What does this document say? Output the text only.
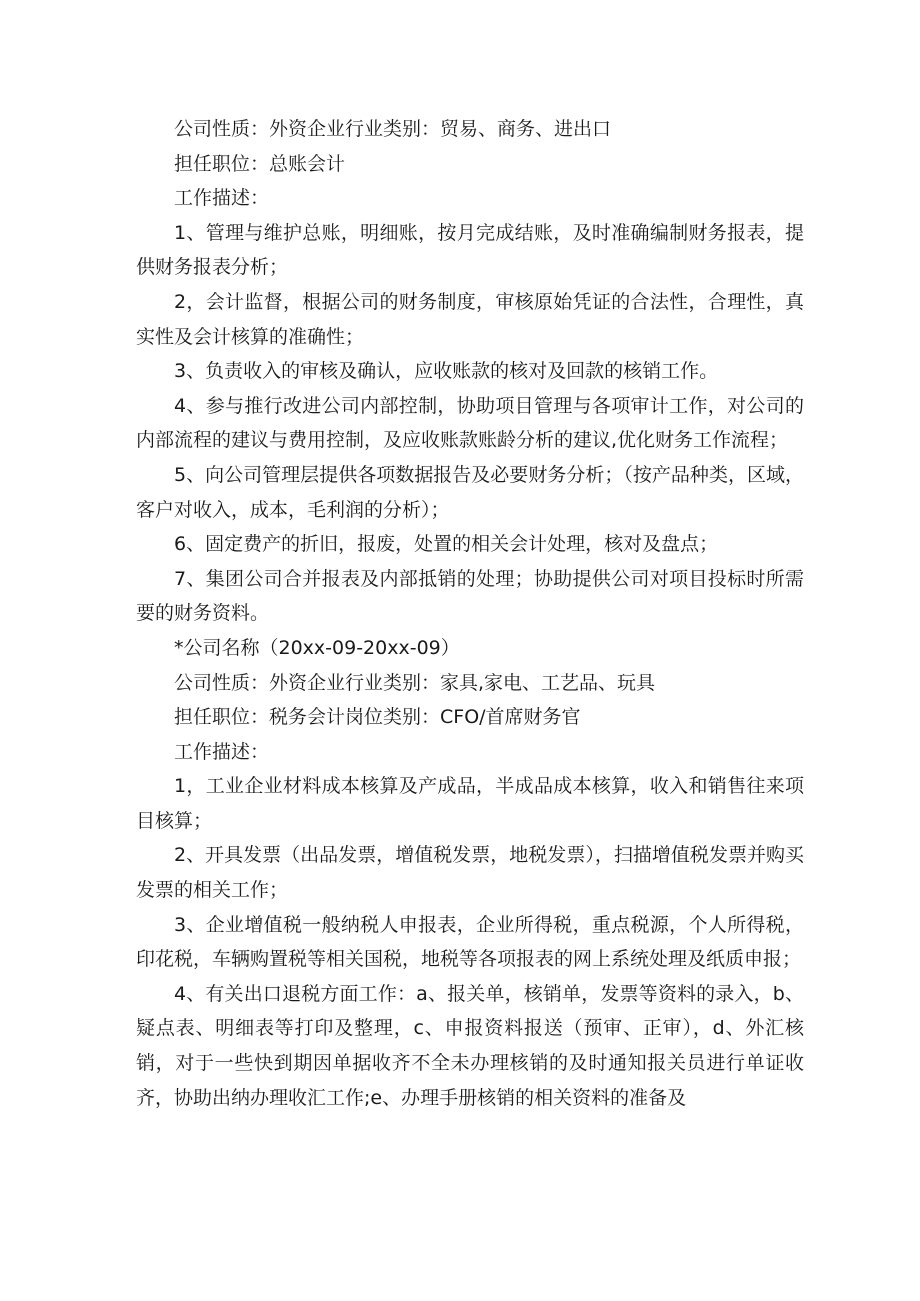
公司性质：外资企业行业类别：贸易、商务、进出口

担任职位：总账会计

工作描述：

1、管理与维护总账，明细账，按月完成结账，及时准确编制财务报表，提供财务报表分析；

2，会计监督，根据公司的财务制度，审核原始凭证的合法性，合理性，真实性及会计核算的准确性；

3、负责收入的审核及确认，应收账款的核对及回款的核销工作。

4、参与推行改进公司内部控制，协助项目管理与各项审计工作，对公司的内部流程的建议与费用控制，及应收账款账龄分析的建议,优化财务工作流程；

5、向公司管理层提供各项数据报告及必要财务分析；（按产品种类，区域，客户对收入，成本，毛利润的分析）；

6、固定费产的折旧，报废，处置的相关会计处理，核对及盘点；

7、集团公司合并报表及内部抵销的处理；协助提供公司对项目投标时所需要的财务资料。

*公司名称（20xx-09-20xx-09）

公司性质：外资企业行业类别：家具,家电、工艺品、玩具

担任职位：税务会计岗位类别：CFO/首席财务官

工作描述：

1，工业企业材料成本核算及产成品，半成品成本核算，收入和销售往来项目核算；

2、开具发票（出品发票，增值税发票，地税发票），扫描增值税发票并购买发票的相关工作；

3、企业增值税一般纳税人申报表，企业所得税，重点税源，个人所得税，印花税，车辆购置税等相关国税，地税等各项报表的网上系统处理及纸质申报；

4、有关出口退税方面工作：a、报关单，核销单，发票等资料的录入，b、疑点表、明细表等打印及整理，c、申报资料报送（预审、正审），d、外汇核销，对于一些快到期因单据收齐不全未办理核销的及时通知报关员进行单证收齐，协助出纳办理收汇工作;e、办理手册核销的相关资料的准备及
